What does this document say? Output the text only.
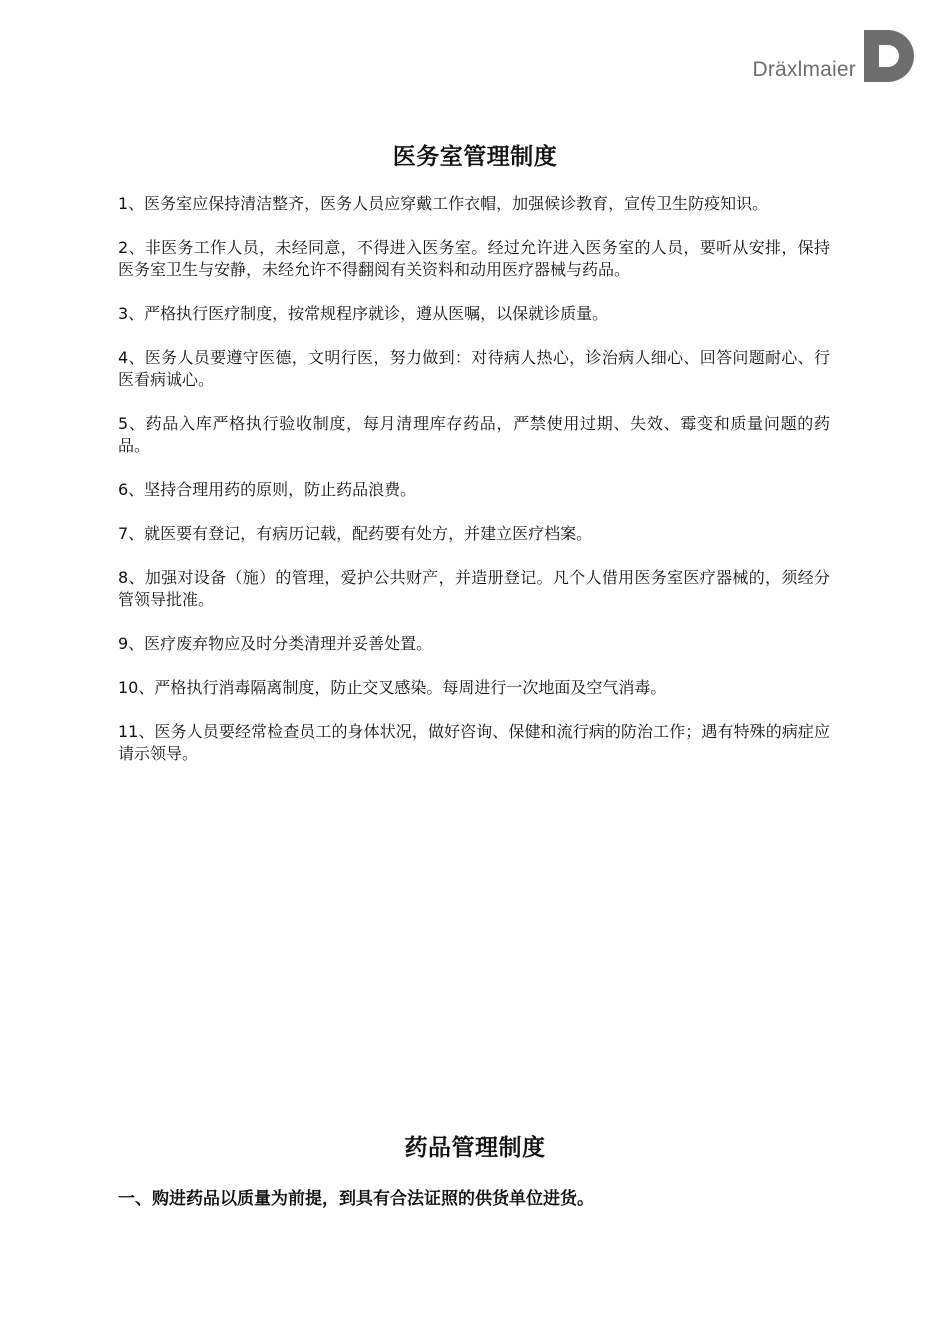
Dräxlmaier
医务室管理制度
1、医务室应保持清洁整齐，医务人员应穿戴工作衣帽，加强候诊教育，宣传卫生防疫知识。
2、非医务工作人员，未经同意，不得进入医务室。经过允许进入医务室的人员，要听从安排，保持医务室卫生与安静，未经允许不得翻阅有关资料和动用医疗器械与药品。
3、严格执行医疗制度，按常规程序就诊，遵从医嘱，以保就诊质量。
4、医务人员要遵守医德，文明行医，努力做到：对待病人热心，诊治病人细心、回答问题耐心、行医看病诚心。
5、药品入库严格执行验收制度，每月清理库存药品，严禁使用过期、失效、霉变和质量问题的药品。
6、坚持合理用药的原则，防止药品浪费。
7、就医要有登记，有病历记载，配药要有处方，并建立医疗档案。
8、加强对设备（施）的管理，爱护公共财产，并造册登记。凡个人借用医务室医疗器械的，须经分管领导批准。
9、医疗废弃物应及时分类清理并妥善处置。
10、严格执行消毒隔离制度，防止交叉感染。每周进行一次地面及空气消毒。
11、医务人员要经常检查员工的身体状况，做好咨询、保健和流行病的防治工作；遇有特殊的病症应请示领导。
药品管理制度

一、购进药品以质量为前提，到具有合法证照的供货单位进货。
